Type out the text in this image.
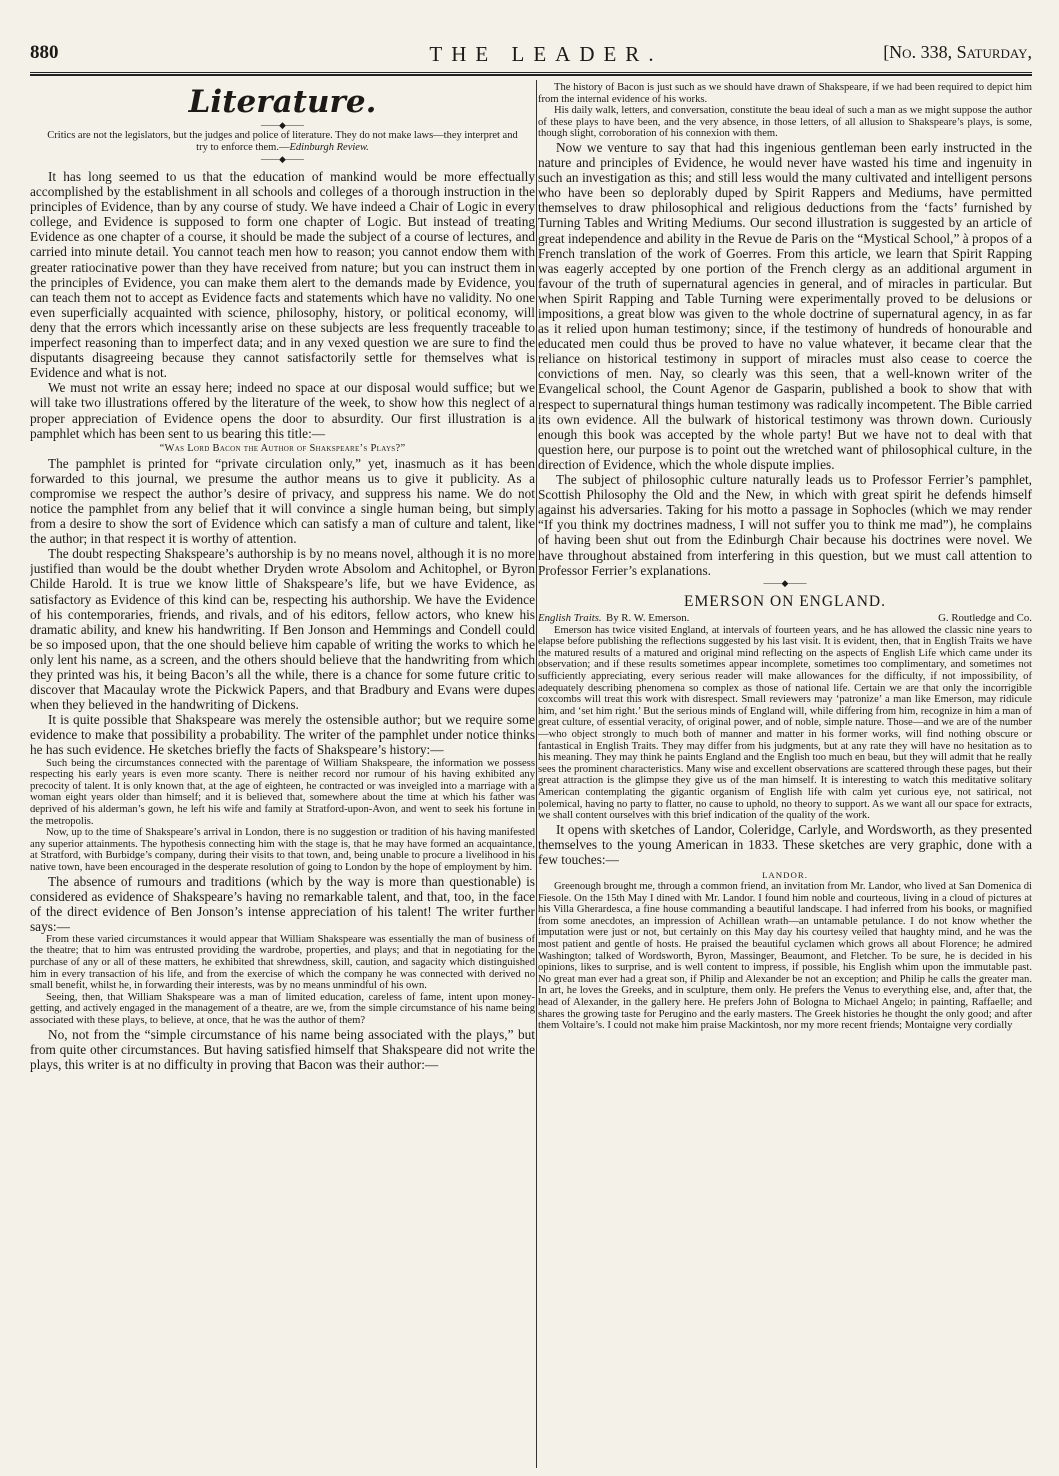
880	THE LEADER.	[No. 338, Saturday,
Literature.
——◆——
Critics are not the legislators, but the judges and police of literature. They do not make laws—they interpret and try to enforce them.—Edinburgh Review.
——◆——

It has long seemed to us that the education of mankind would be more effectually accomplished by the establishment in all schools and colleges of a thorough instruction in the principles of Evidence, than by any course of study. We have indeed a Chair of Logic in every college, and Evidence is supposed to form one chapter of Logic. But instead of treating Evidence as one chapter of a course, it should be made the subject of a course of lectures, and carried into minute detail. You cannot teach men how to reason; you cannot endow them with greater ratiocinative power than they have received from nature; but you can instruct them in the principles of Evidence, you can make them alert to the demands made by Evidence, you can teach them not to accept as Evidence facts and statements which have no validity. No one even superficially acquainted with science, philosophy, history, or political economy, will deny that the errors which incessantly arise on these subjects are less frequently traceable to imperfect reasoning than to imperfect data; and in any vexed question we are sure to find the disputants disagreeing because they cannot satisfactorily settle for themselves what is Evidence and what is not.

We must not write an essay here; indeed no space at our disposal would suffice; but we will take two illustrations offered by the literature of the week, to show how this neglect of a proper appreciation of Evidence opens the door to absurdity. Our first illustration is a pamphlet which has been sent to us bearing this title:—

“Was Lord Bacon the Author of Shakspeare’s Plays?”

The pamphlet is printed for “private circulation only,” yet, inasmuch as it has been forwarded to this journal, we presume the author means us to give it publicity. As a compromise we respect the author’s desire of privacy, and suppress his name. We do not notice the pamphlet from any belief that it will convince a single human being, but simply from a desire to show the sort of Evidence which can satisfy a man of culture and talent, like the author; in that respect it is worthy of attention.

The doubt respecting Shakspeare’s authorship is by no means novel, although it is no more justified than would be the doubt whether Dryden wrote Absolom and Achitophel, or Byron Childe Harold. It is true we know little of Shakspeare’s life, but we have Evidence, as satisfactory as Evidence of this kind can be, respecting his authorship. We have the Evidence of his contemporaries, friends, and rivals, and of his editors, fellow actors, who knew his dramatic ability, and knew his handwriting. If Ben Jonson and Hemmings and Condell could be so imposed upon, that the one should believe him capable of writing the works to which he only lent his name, as a screen, and the others should believe that the handwriting from which they printed was his, it being Bacon’s all the while, there is a chance for some future critic to discover that Macaulay wrote the Pickwick Papers, and that Bradbury and Evans were dupes when they believed in the handwriting of Dickens.

It is quite possible that Shakspeare was merely the ostensible author; but we require some evidence to make that possibility a probability. The writer of the pamphlet under notice thinks he has such evidence. He sketches briefly the facts of Shakspeare’s history:—

Such being the circumstances connected with the parentage of William Shakspeare, the information we possess respecting his early years is even more scanty. There is neither record nor rumour of his having exhibited any precocity of talent. It is only known that, at the age of eighteen, he contracted or was inveigled into a marriage with a woman eight years older than himself; and it is believed that, somewhere about the time at which his father was deprived of his alderman’s gown, he left his wife and family at Stratford-upon-Avon, and went to seek his fortune in the metropolis.

Now, up to the time of Shakspeare’s arrival in London, there is no suggestion or tradition of his having manifested any superior attainments. The hypothesis connecting him with the stage is, that he may have formed an acquaintance, at Stratford, with Burbidge’s company, during their visits to that town, and, being unable to procure a livelihood in his native town, have been encouraged in the desperate resolution of going to London by the hope of employment by him.

The absence of rumours and traditions (which by the way is more than questionable) is considered as evidence of Shakspeare’s having no remarkable talent, and that, too, in the face of the direct evidence of Ben Jonson’s intense appreciation of his talent! The writer further says:—

From these varied circumstances it would appear that William Shakspeare was essentially the man of business of the theatre; that to him was entrusted providing the wardrobe, properties, and plays; and that in negotiating for the purchase of any or all of these matters, he exhibited that shrewdness, skill, caution, and sagacity which distinguished him in every transaction of his life, and from the exercise of which the company he was connected with derived no small benefit, whilst he, in forwarding their interests, was by no means unmindful of his own.

Seeing, then, that William Shakspeare was a man of limited education, careless of fame, intent upon money-getting, and actively engaged in the management of a theatre, are we, from the simple circumstance of his name being associated with these plays, to believe, at once, that he was the author of them?

No, not from the “simple circumstance of his name being associated with the plays,” but from quite other circumstances. But having satisfied himself that Shakspeare did not write the plays, this writer is at no difficulty in proving that Bacon was their author:—

The history of Bacon is just such as we should have drawn of Shakspeare, if we had been required to depict him from the internal evidence of his works.

His daily walk, letters, and conversation, constitute the beau ideal of such a man as we might suppose the author of these plays to have been, and the very absence, in those letters, of all allusion to Shakspeare’s plays, is some, though slight, corroboration of his connexion with them.

Now we venture to say that had this ingenious gentleman been early instructed in the nature and principles of Evidence, he would never have wasted his time and ingenuity in such an investigation as this; and still less would the many cultivated and intelligent persons who have been so deplorably duped by Spirit Rappers and Mediums, have permitted themselves to draw philosophical and religious deductions from the ‘facts’ furnished by Turning Tables and Writing Mediums. Our second illustration is suggested by an article of great independence and ability in the Revue de Paris on the “Mystical School,” à propos of a French translation of the work of Goerres. From this article, we learn that Spirit Rapping was eagerly accepted by one portion of the French clergy as an additional argument in favour of the truth of supernatural agencies in general, and of miracles in particular. But when Spirit Rapping and Table Turning were experimentally proved to be delusions or impositions, a great blow was given to the whole doctrine of supernatural agency, in as far as it relied upon human testimony; since, if the testimony of hundreds of honourable and educated men could thus be proved to have no value whatever, it became clear that the reliance on historical testimony in support of miracles must also cease to coerce the convictions of men. Nay, so clearly was this seen, that a well-known writer of the Evangelical school, the Count Agenor de Gasparin, published a book to show that with respect to supernatural things human testimony was radically incompetent. The Bible carried its own evidence. All the bulwark of historical testimony was thrown down. Curiously enough this book was accepted by the whole party! But we have not to deal with that question here, our purpose is to point out the wretched want of philosophical culture, in the direction of Evidence, which the whole dispute implies.

The subject of philosophic culture naturally leads us to Professor Ferrier’s pamphlet, Scottish Philosophy the Old and the New, in which with great spirit he defends himself against his adversaries. Taking for his motto a passage in Sophocles (which we may render “If you think my doctrines madness, I will not suffer you to think me mad”), he complains of having been shut out from the Edinburgh Chair because his doctrines were novel. We have throughout abstained from interfering in this question, but we must call attention to Professor Ferrier’s explanations.

——◆——
EMERSON ON ENGLAND.
English Traits. By R. W. Emerson.	G. Routledge and Co.

Emerson has twice visited England, at intervals of fourteen years, and he has allowed the classic nine years to elapse before publishing the reflections suggested by his last visit. It is evident, then, that in English Traits we have the matured results of a matured and original mind reflecting on the aspects of English Life which came under its observation; and if these results sometimes appear incomplete, sometimes too complimentary, and sometimes not sufficiently appreciating, every serious reader will make allowances for the difficulty, if not impossibility, of adequately describing phenomena so complex as those of national life. Certain we are that only the incorrigible coxcombs will treat this work with disrespect. Small reviewers may ‘patronize’ a man like Emerson, may ridicule him, and ‘set him right.’ But the serious minds of England will, while differing from him, recognize in him a man of great culture, of essential veracity, of original power, and of noble, simple nature. Those—and we are of the number—who object strongly to much both of manner and matter in his former works, will find nothing obscure or fantastical in English Traits. They may differ from his judgments, but at any rate they will have no hesitation as to his meaning. They may think he paints England and the English too much en beau, but they will admit that he really sees the prominent characteristics. Many wise and excellent observations are scattered through these pages, but their great attraction is the glimpse they give us of the man himself. It is interesting to watch this meditative solitary American contemplating the gigantic organism of English life with calm yet curious eye, not satirical, not polemical, having no party to flatter, no cause to uphold, no theory to support. As we want all our space for extracts, we shall content ourselves with this brief indication of the quality of the work.

It opens with sketches of Landor, Coleridge, Carlyle, and Wordsworth, as they presented themselves to the young American in 1833. These sketches are very graphic, done with a few touches:—

LANDOR.

Greenough brought me, through a common friend, an invitation from Mr. Landor, who lived at San Domenica di Fiesole. On the 15th May I dined with Mr. Landor. I found him noble and courteous, living in a cloud of pictures at his Villa Gherardesca, a fine house commanding a beautiful landscape. I had inferred from his books, or magnified from some anecdotes, an impression of Achillean wrath—an untamable petulance. I do not know whether the imputation were just or not, but certainly on this May day his courtesy veiled that haughty mind, and he was the most patient and gentle of hosts. He praised the beautiful cyclamen which grows all about Florence; he admired Washington; talked of Wordsworth, Byron, Massinger, Beaumont, and Fletcher. To be sure, he is decided in his opinions, likes to surprise, and is well content to impress, if possible, his English whim upon the immutable past. No great man ever had a great son, if Philip and Alexander be not an exception; and Philip he calls the greater man. In art, he loves the Greeks, and in sculpture, them only. He prefers the Venus to everything else, and, after that, the head of Alexander, in the gallery here. He prefers John of Bologna to Michael Angelo; in painting, Raffaelle; and shares the growing taste for Perugino and the early masters. The Greek histories he thought the only good; and after them Voltaire’s. I could not make him praise Mackintosh, nor my more recent friends; Montaigne very cordially
